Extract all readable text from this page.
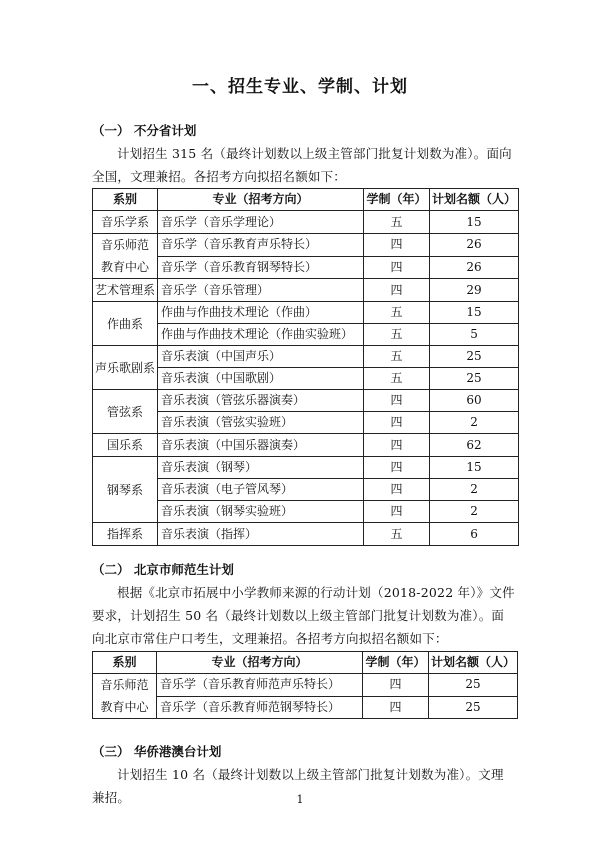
一、招生专业、学制、计划
（一） 不分省计划
计划招生 315 名（最终计划数以上级主管部门批复计划数为准）。面向全国，文理兼招。各招考方向拟招名额如下：
系别	专业（招考方向）	学制（年）	计划名额（人）
音乐学系	音乐学（音乐学理论）	五	15
音乐师范
教育中心	音乐学（音乐教育声乐特长）	四	26
	音乐学（音乐教育钢琴特长）	四	26
艺术管理系	音乐学（音乐管理）	四	29
作曲系	作曲与作曲技术理论（作曲）	五	15
	作曲与作曲技术理论（作曲实验班）	五	5
声乐歌剧系	音乐表演（中国声乐）	五	25
	音乐表演（中国歌剧）	五	25
管弦系	音乐表演（管弦乐器演奏）	四	60
	音乐表演（管弦实验班）	四	2
国乐系	音乐表演（中国乐器演奏）	四	62
钢琴系	音乐表演（钢琴）	四	15
	音乐表演（电子管风琴）	四	2
	音乐表演（钢琴实验班）	四	2
指挥系	音乐表演（指挥）	五	6
（二） 北京市师范生计划
根据《北京市拓展中小学教师来源的行动计划（2018-2022 年）》文件要求，计划招生 50 名（最终计划数以上级主管部门批复计划数为准）。面向北京市常住户口考生，文理兼招。各招考方向拟招名额如下：
系别	专业（招考方向）	学制（年）	计划名额（人）
音乐师范
教育中心	音乐学（音乐教育师范声乐特长）	四	25
	音乐学（音乐教育师范钢琴特长）	四	25
（三） 华侨港澳台计划
计划招生 10 名（最终计划数以上级主管部门批复计划数为准）。文理兼招。	1
